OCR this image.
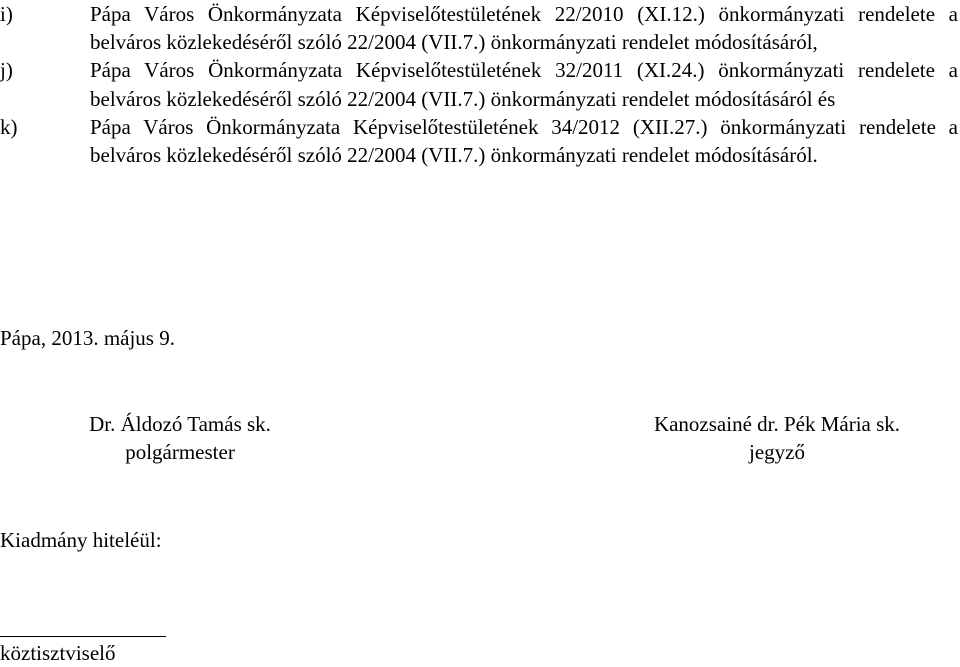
i)	Pápa Város Önkormányzata Képviselőtestületének 22/2010 (XI.12.) önkormányzati rendelete a belváros közlekedéséről szóló 22/2004 (VII.7.) önkormányzati rendelet módosításáról,
j)	Pápa Város Önkormányzata Képviselőtestületének 32/2011 (XI.24.) önkormányzati rendelete a belváros közlekedéséről szóló 22/2004 (VII.7.) önkormányzati rendelet módosításáról és
k)	Pápa Város Önkormányzata Képviselőtestületének 34/2012 (XII.27.) önkormányzati rendelete a belváros közlekedéséről szóló 22/2004 (VII.7.) önkormányzati rendelet módosításáról.
Pápa, 2013. május 9.
Dr. Áldozó Tamás sk.
polgármester
Kanozsainé dr. Pék Mária sk.
jegyző
Kiadmány hiteléül:
köztisztviselő
